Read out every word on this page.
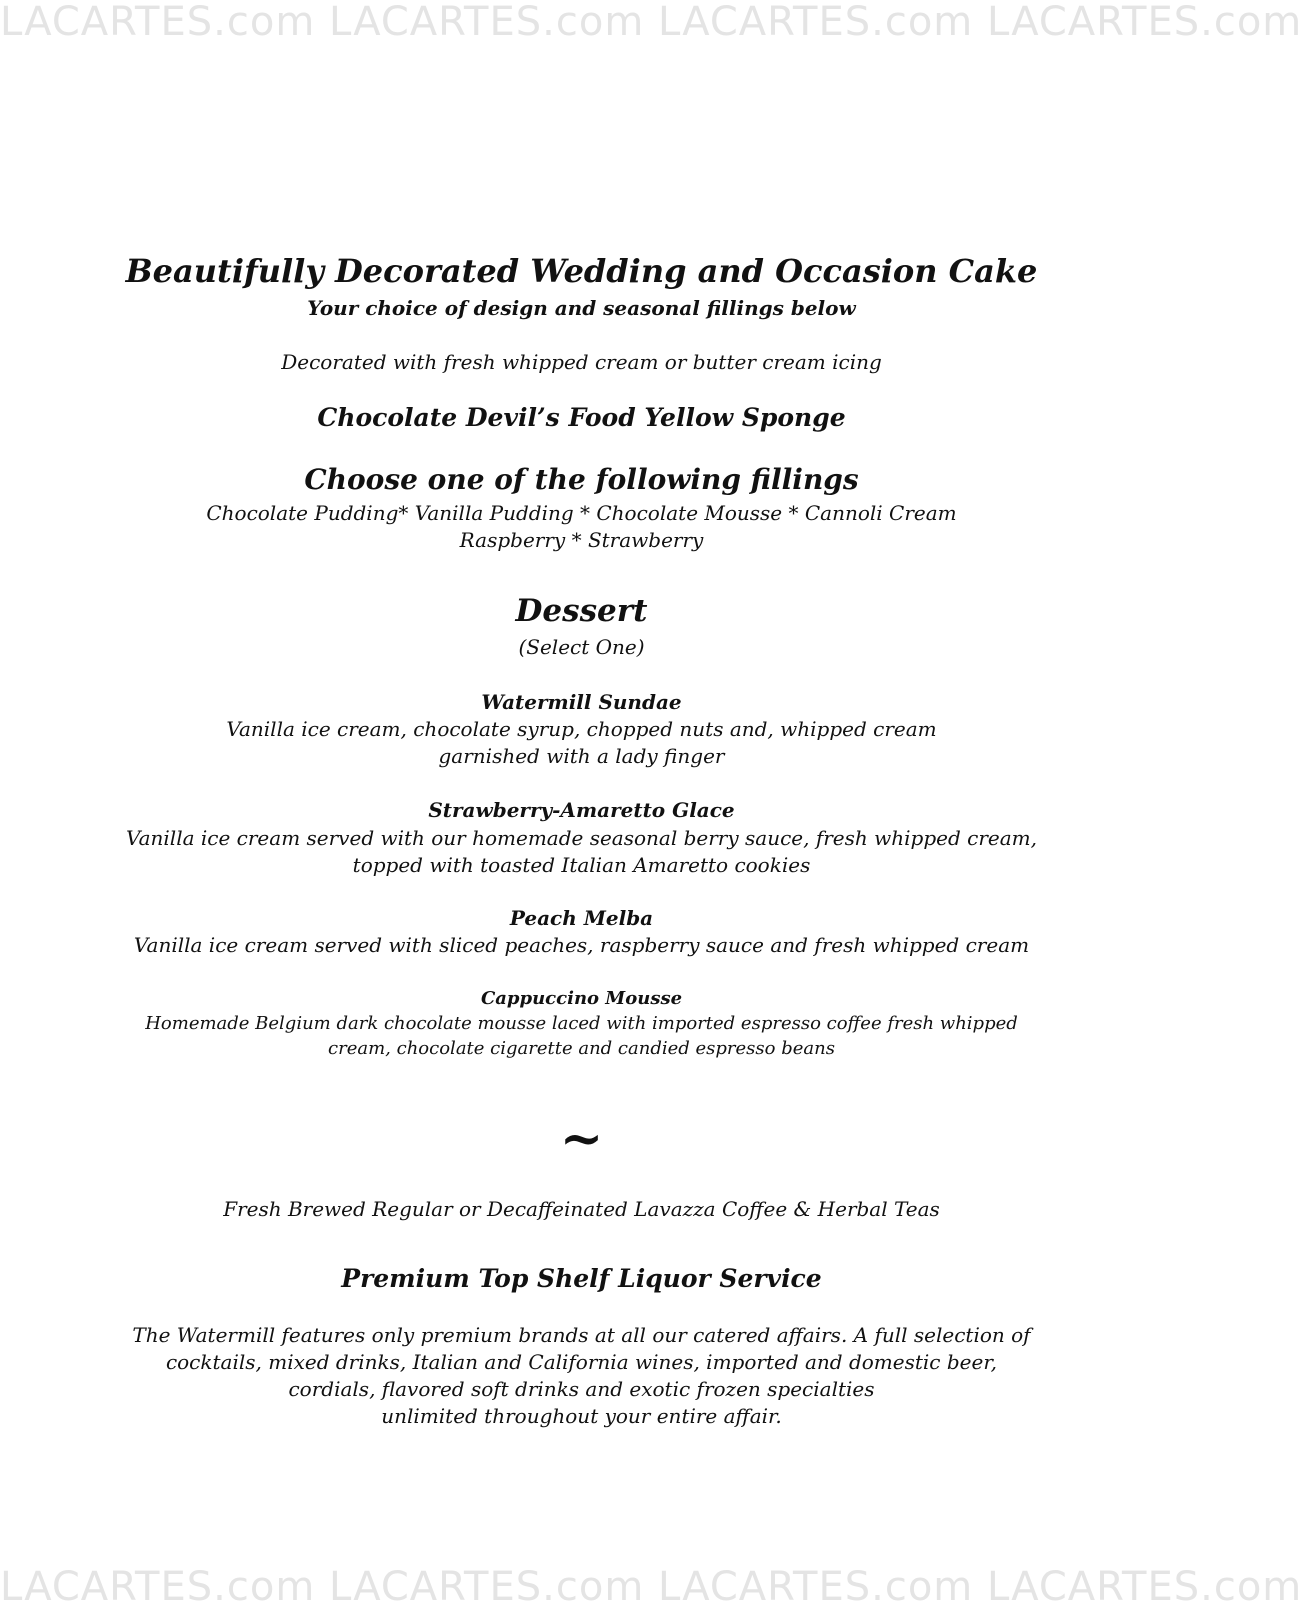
LACARTES.com LACARTES.com LACARTES.com LACARTES.com
Beautifully Decorated Wedding and Occasion Cake
Your choice of design and seasonal fillings below
Decorated with fresh whipped cream or butter cream icing
Chocolate Devil’s Food Yellow Sponge
Choose one of the following fillings
Chocolate Pudding* Vanilla Pudding * Chocolate Mousse * Cannoli Cream
Raspberry * Strawberry
Dessert
(Select One)
Watermill Sundae
Vanilla ice cream, chocolate syrup, chopped nuts and, whipped cream
garnished with a lady finger
Strawberry-Amaretto Glace
Vanilla ice cream served with our homemade seasonal berry sauce, fresh whipped cream,
topped with toasted Italian Amaretto cookies
Peach Melba
Vanilla ice cream served with sliced peaches, raspberry sauce and fresh whipped cream
Cappuccino Mousse
Homemade Belgium dark chocolate mousse laced with imported espresso coffee fresh whipped
cream, chocolate cigarette and candied espresso beans
~
Fresh Brewed Regular or Decaffeinated Lavazza Coffee & Herbal Teas
Premium Top Shelf Liquor Service
The Watermill features only premium brands at all our catered affairs. A full selection of
cocktails, mixed drinks, Italian and California wines, imported and domestic beer,
cordials, flavored soft drinks and exotic frozen specialties
unlimited throughout your entire affair.
LACARTES.com LACARTES.com LACARTES.com LACARTES.com
